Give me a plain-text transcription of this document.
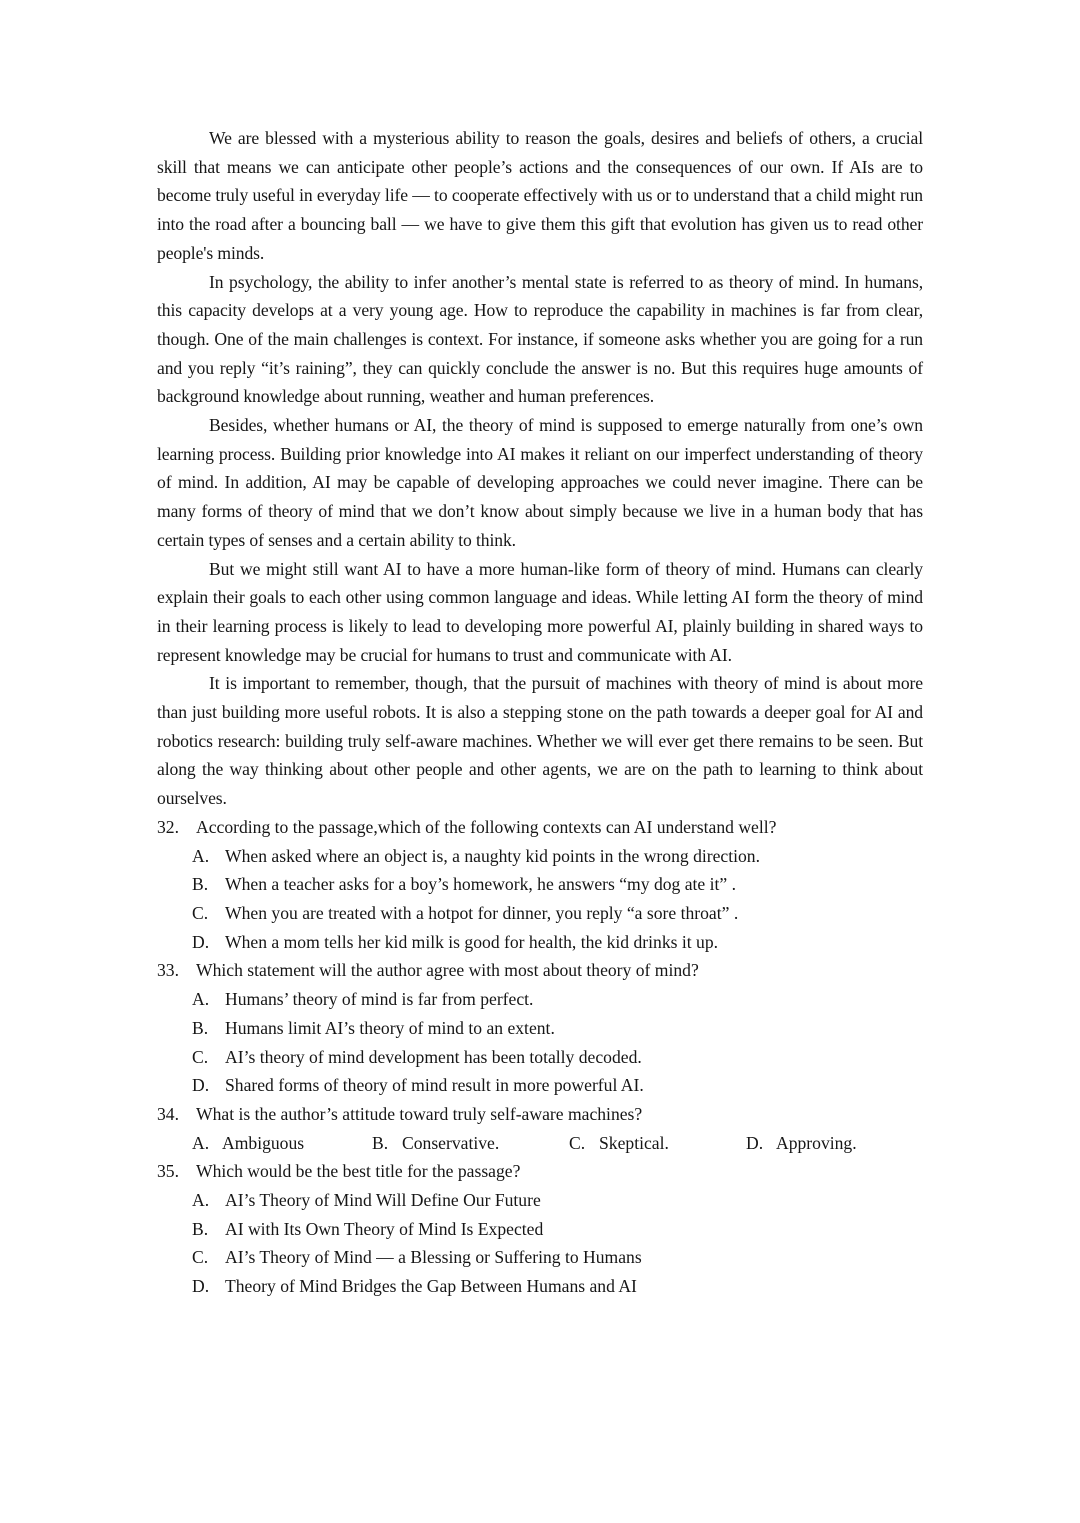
We are blessed with a mysterious ability to reason the goals, desires and beliefs of others, a crucial skill that means we can anticipate other people’s actions and the consequences of our own. If AIs are to become truly useful in everyday life — to cooperate effectively with us or to understand that a child might run into the road after a bouncing ball — we have to give them this gift that evolution has given us to read other people's minds.

In psychology, the ability to infer another’s mental state is referred to as theory of mind. In humans, this capacity develops at a very young age. How to reproduce the capability in machines is far from clear, though. One of the main challenges is context. For instance, if someone asks whether you are going for a run and you reply “it’s raining”, they can quickly conclude the answer is no. But this requires huge amounts of background knowledge about running, weather and human preferences.

Besides, whether humans or AI, the theory of mind is supposed to emerge naturally from one’s own learning process. Building prior knowledge into AI makes it reliant on our imperfect understanding of theory of mind. In addition, AI may be capable of developing approaches we could never imagine. There can be many forms of theory of mind that we don’t know about simply because we live in a human body that has certain types of senses and a certain ability to think.

But we might still want AI to have a more human-like form of theory of mind. Humans can clearly explain their goals to each other using common language and ideas. While letting AI form the theory of mind in their learning process is likely to lead to developing more powerful AI, plainly building in shared ways to represent knowledge may be crucial for humans to trust and communicate with AI.

It is important to remember, though, that the pursuit of machines with theory of mind is about more than just building more useful robots. It is also a stepping stone on the path towards a deeper goal for AI and robotics research: building truly self-aware machines. Whether we will ever get there remains to be seen. But along the way thinking about other people and other agents, we are on the path to learning to think about ourselves.

32. According to the passage,which of the following contexts can AI understand well?
A. When asked where an object is, a naughty kid points in the wrong direction.
B. When a teacher asks for a boy’s homework, he answers “my dog ate it” .
C. When you are treated with a hotpot for dinner, you reply “a sore throat” .
D. When a mom tells her kid milk is good for health, the kid drinks it up.
33. Which statement will the author agree with most about theory of mind?
A. Humans’ theory of mind is far from perfect.
B. Humans limit AI’s theory of mind to an extent.
C. AI’s theory of mind development has been totally decoded.
D. Shared forms of theory of mind result in more powerful AI.
34. What is the author’s attitude toward truly self-aware machines?
A. Ambiguous	B. Conservative.	C. Skeptical.	D. Approving.
35. Which would be the best title for the passage?
A. AI’s Theory of Mind Will Define Our Future
B. AI with Its Own Theory of Mind Is Expected
C. AI’s Theory of Mind — a Blessing or Suffering to Humans
D. Theory of Mind Bridges the Gap Between Humans and AI
